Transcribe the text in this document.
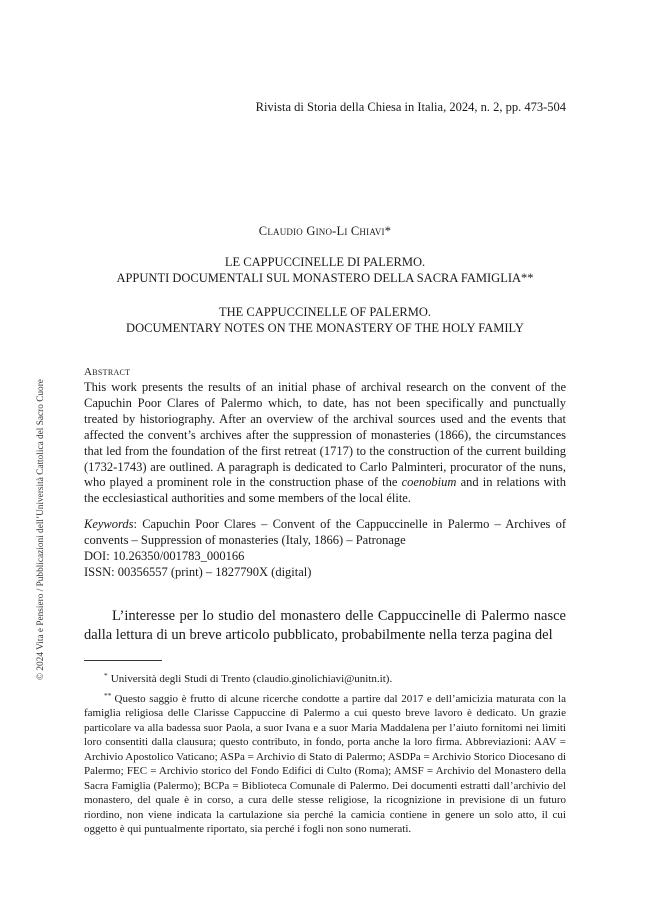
Rivista di Storia della Chiesa in Italia, 2024, n. 2, pp. 473-504
Claudio Gino-Li Chiavi*
LE CAPPUCCINELLE DI PALERMO.
APPUNTI DOCUMENTALI SUL MONASTERO DELLA SACRA FAMIGLIA**
THE CAPPUCCINELLE OF PALERMO.
DOCUMENTARY NOTES ON THE MONASTERY OF THE HOLY FAMILY
Abstract

This work presents the results of an initial phase of archival research on the convent of the Capuchin Poor Clares of Palermo which, to date, has not been specifically and punctually treated by historiography. After an overview of the archival sources used and the events that affected the convent’s archives after the suppression of monasteries (1866), the circumstances that led from the foundation of the first retreat (1717) to the construction of the current building (1732-1743) are outlined. A paragraph is dedicated to Carlo Palminteri, procurator of the nuns, who played a prominent role in the construction phase of the coenobium and in relations with the ecclesiastical authorities and some members of the local élite.

Keywords: Capuchin Poor Clares – Convent of the Cappuccinelle in Palermo – Archives of convents – Suppression of monasteries (Italy, 1866) – Patronage

DOI: 10.26350/001783_000166

ISSN: 00356557 (print) – 1827790X (digital)

L’interesse per lo studio del monastero delle Cappuccinelle di Palermo nasce dalla lettura di un breve articolo pubblicato, probabilmente nella terza pagina del

* Università degli Studi di Trento (claudio.ginolichiavi@unitn.it).

** Questo saggio è frutto di alcune ricerche condotte a partire dal 2017 e dell’amicizia maturata con la famiglia religiosa delle Clarisse Cappuccine di Palermo a cui questo breve lavoro è dedicato. Un grazie particolare va alla badessa suor Paola, a suor Ivana e a suor Maria Maddalena per l’aiuto fornitomi nei limiti loro consentiti dalla clausura; questo contributo, in fondo, porta anche la loro firma. Abbreviazioni: AAV = Archivio Apostolico Vaticano; ASPa = Archivio di Stato di Palermo; ASDPa = Archivio Storico Diocesano di Palermo; FEC = Archivio storico del Fondo Edifici di Culto (Roma); AMSF = Archivio del Monastero della Sacra Famiglia (Palermo); BCPa = Biblioteca Comunale di Palermo. Dei documenti estratti dall’archivio del monastero, del quale è in corso, a cura delle stesse religiose, la ricognizione in previsione di un futuro riordino, non viene indicata la cartulazione sia perché la camicia contiene in genere un solo atto, il cui oggetto è qui puntualmente riportato, sia perché i fogli non sono numerati.

© 2024 Vita e Pensiero / Pubblicazioni dell’Università Cattolica del Sacro Cuore
